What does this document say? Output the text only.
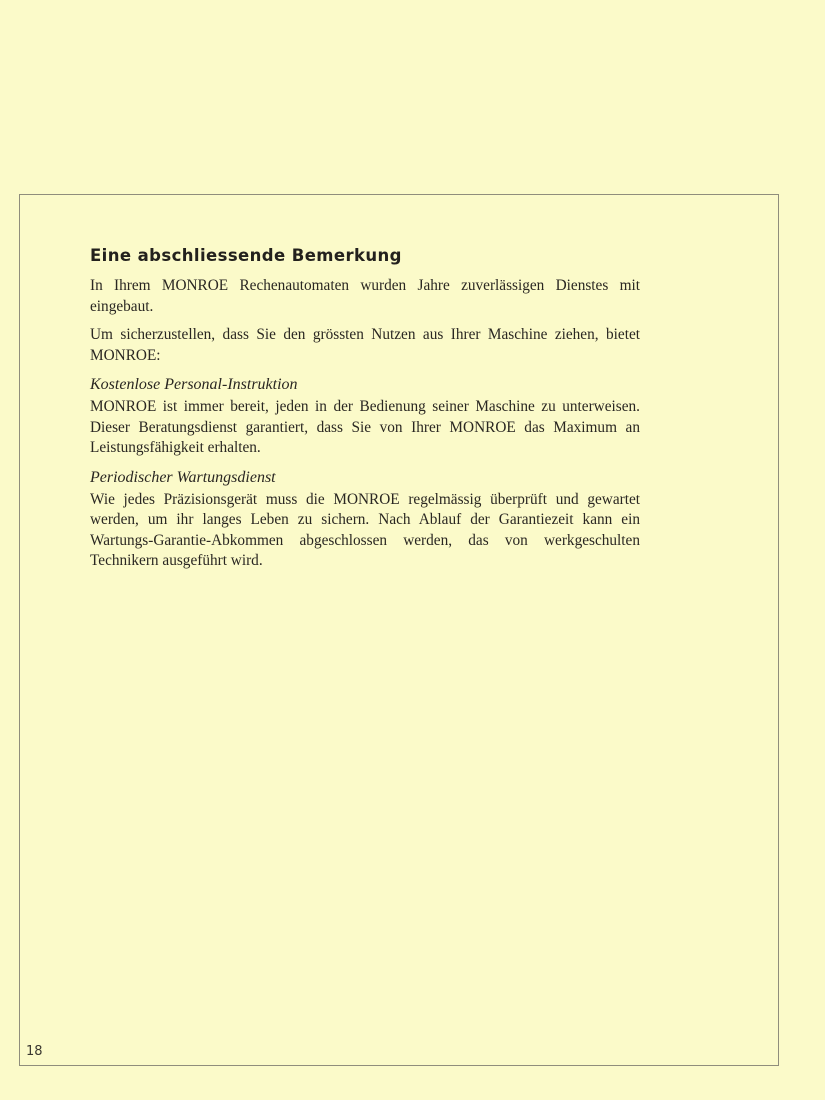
Eine abschliessende Bemerkung

In Ihrem MONROE Rechenautomaten wurden Jahre zuverlässigen Dienstes mit eingebaut.

Um sicherzustellen, dass Sie den grössten Nutzen aus Ihrer Maschine ziehen, bietet MONROE:

Kostenlose Personal-Instruktion

MONROE ist immer bereit, jeden in der Bedienung seiner Maschine zu unterweisen. Dieser Beratungsdienst garantiert, dass Sie von Ihrer MONROE das Maximum an Leistungsfähigkeit erhalten.

Periodischer Wartungsdienst

Wie jedes Präzisionsgerät muss die MONROE regelmässig überprüft und gewartet werden, um ihr langes Leben zu sichern. Nach Ablauf der Garantiezeit kann ein Wartungs-Garantie-Abkommen abgeschlossen werden, das von werkgeschulten Technikern ausgeführt wird.

18
